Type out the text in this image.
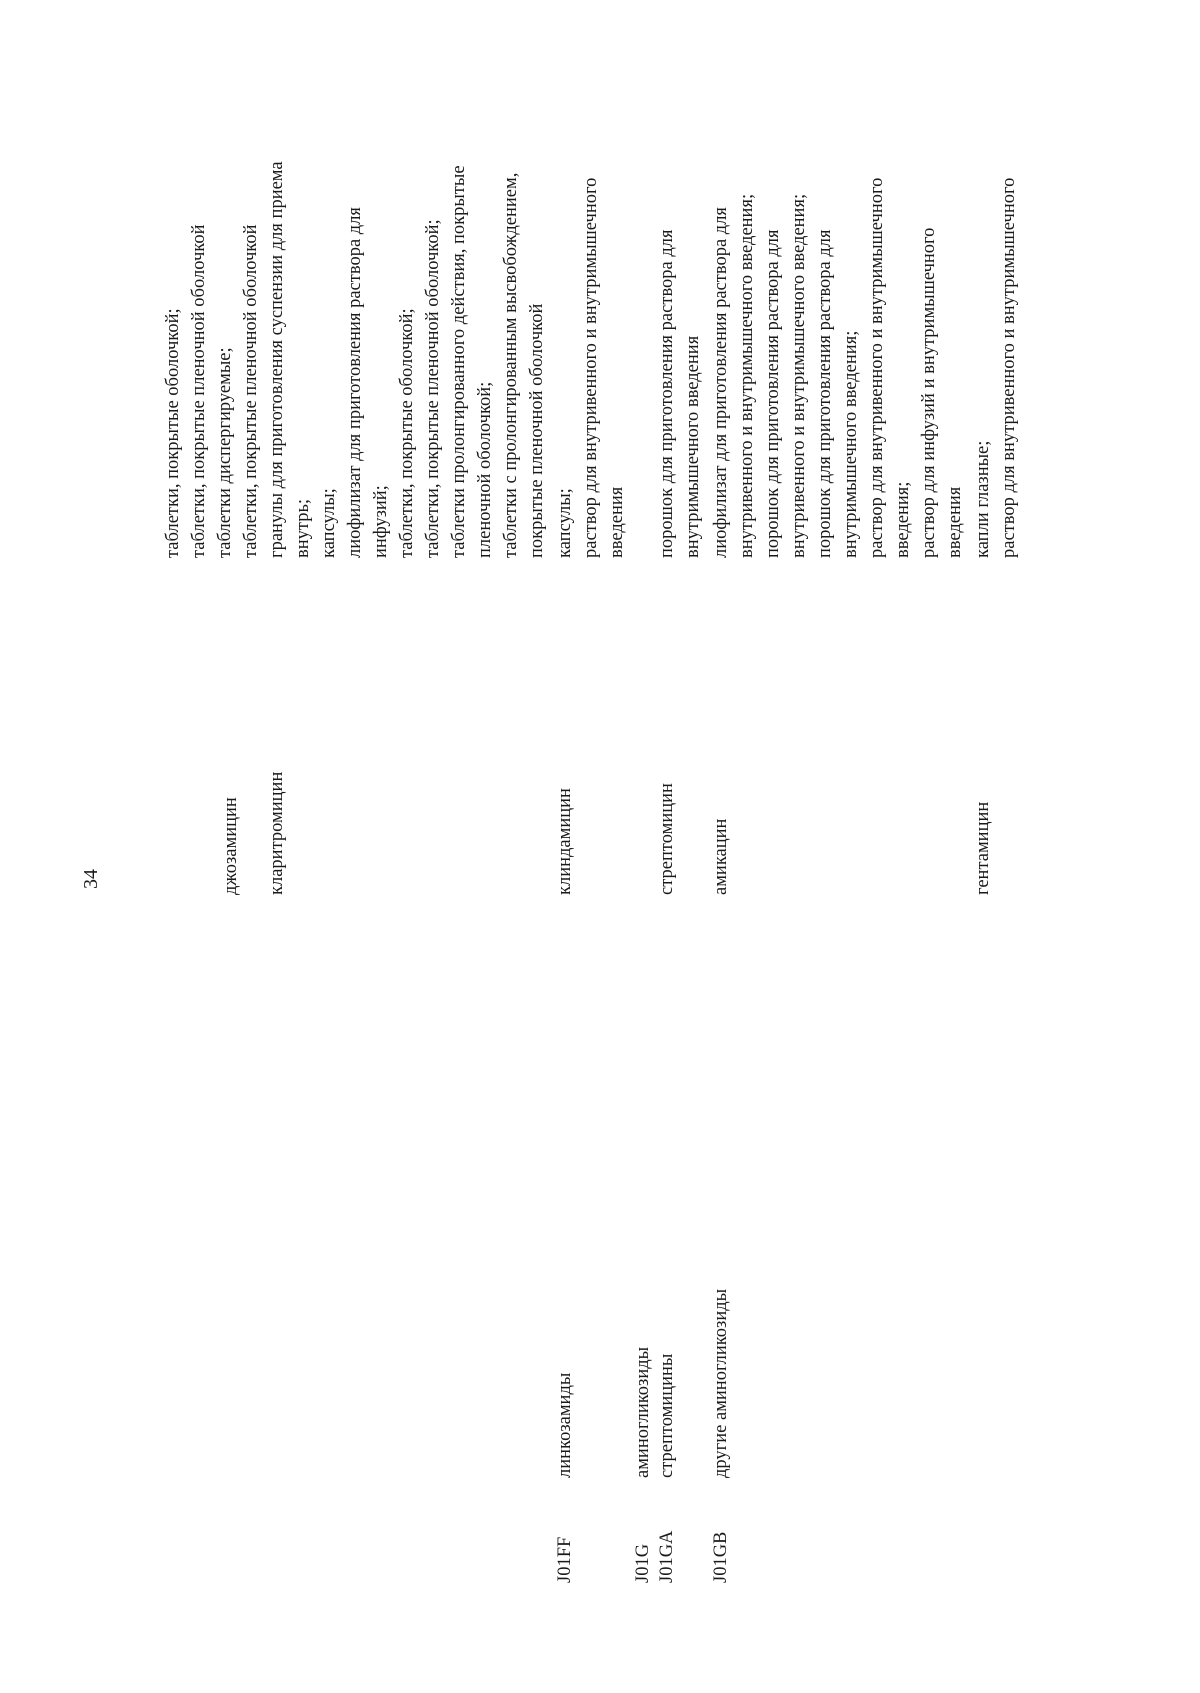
34
таблетки, покрытые оболочкой; таблетки, покрытые пленочной оболочкой таблетки диспергируемые; таблетки, покрытые пленочной оболочкой
джозамицин кларитромицин
гранулы для приготовления суспензии для приема внутрь; капсулы; лиофилизат для приготовления раствора для инфузий; таблетки, покрытые оболочкой; таблетки, покрытые пленочной оболочкой; таблетки пролонгированного действия, покрытые пленочной оболочкой; таблетки с пролонгированным высвобождением, покрытые пленочной оболочкой
J01FF
линкозамиды
клиндамицин
капсулы; раствор для внутривенного и внутримышечного введения
J01G
аминогликозиды
J01GA
стрептомицины
стрептомицин
порошок для приготовления раствора для внутримышечного введения
J01GB
другие аминогликозиды
амикацин
лиофилизат для приготовления раствора для внутривенного и внутримышечного введения; порошок для приготовления раствора для внутривенного и внутримышечного введения; порошок для приготовления раствора для внутримышечного введения; раствор для внутривенного и внутримышечного введения; раствор для инфузий и внутримышечного введения
гентамицин
капли глазные; раствор для внутривенного и внутримышечного
